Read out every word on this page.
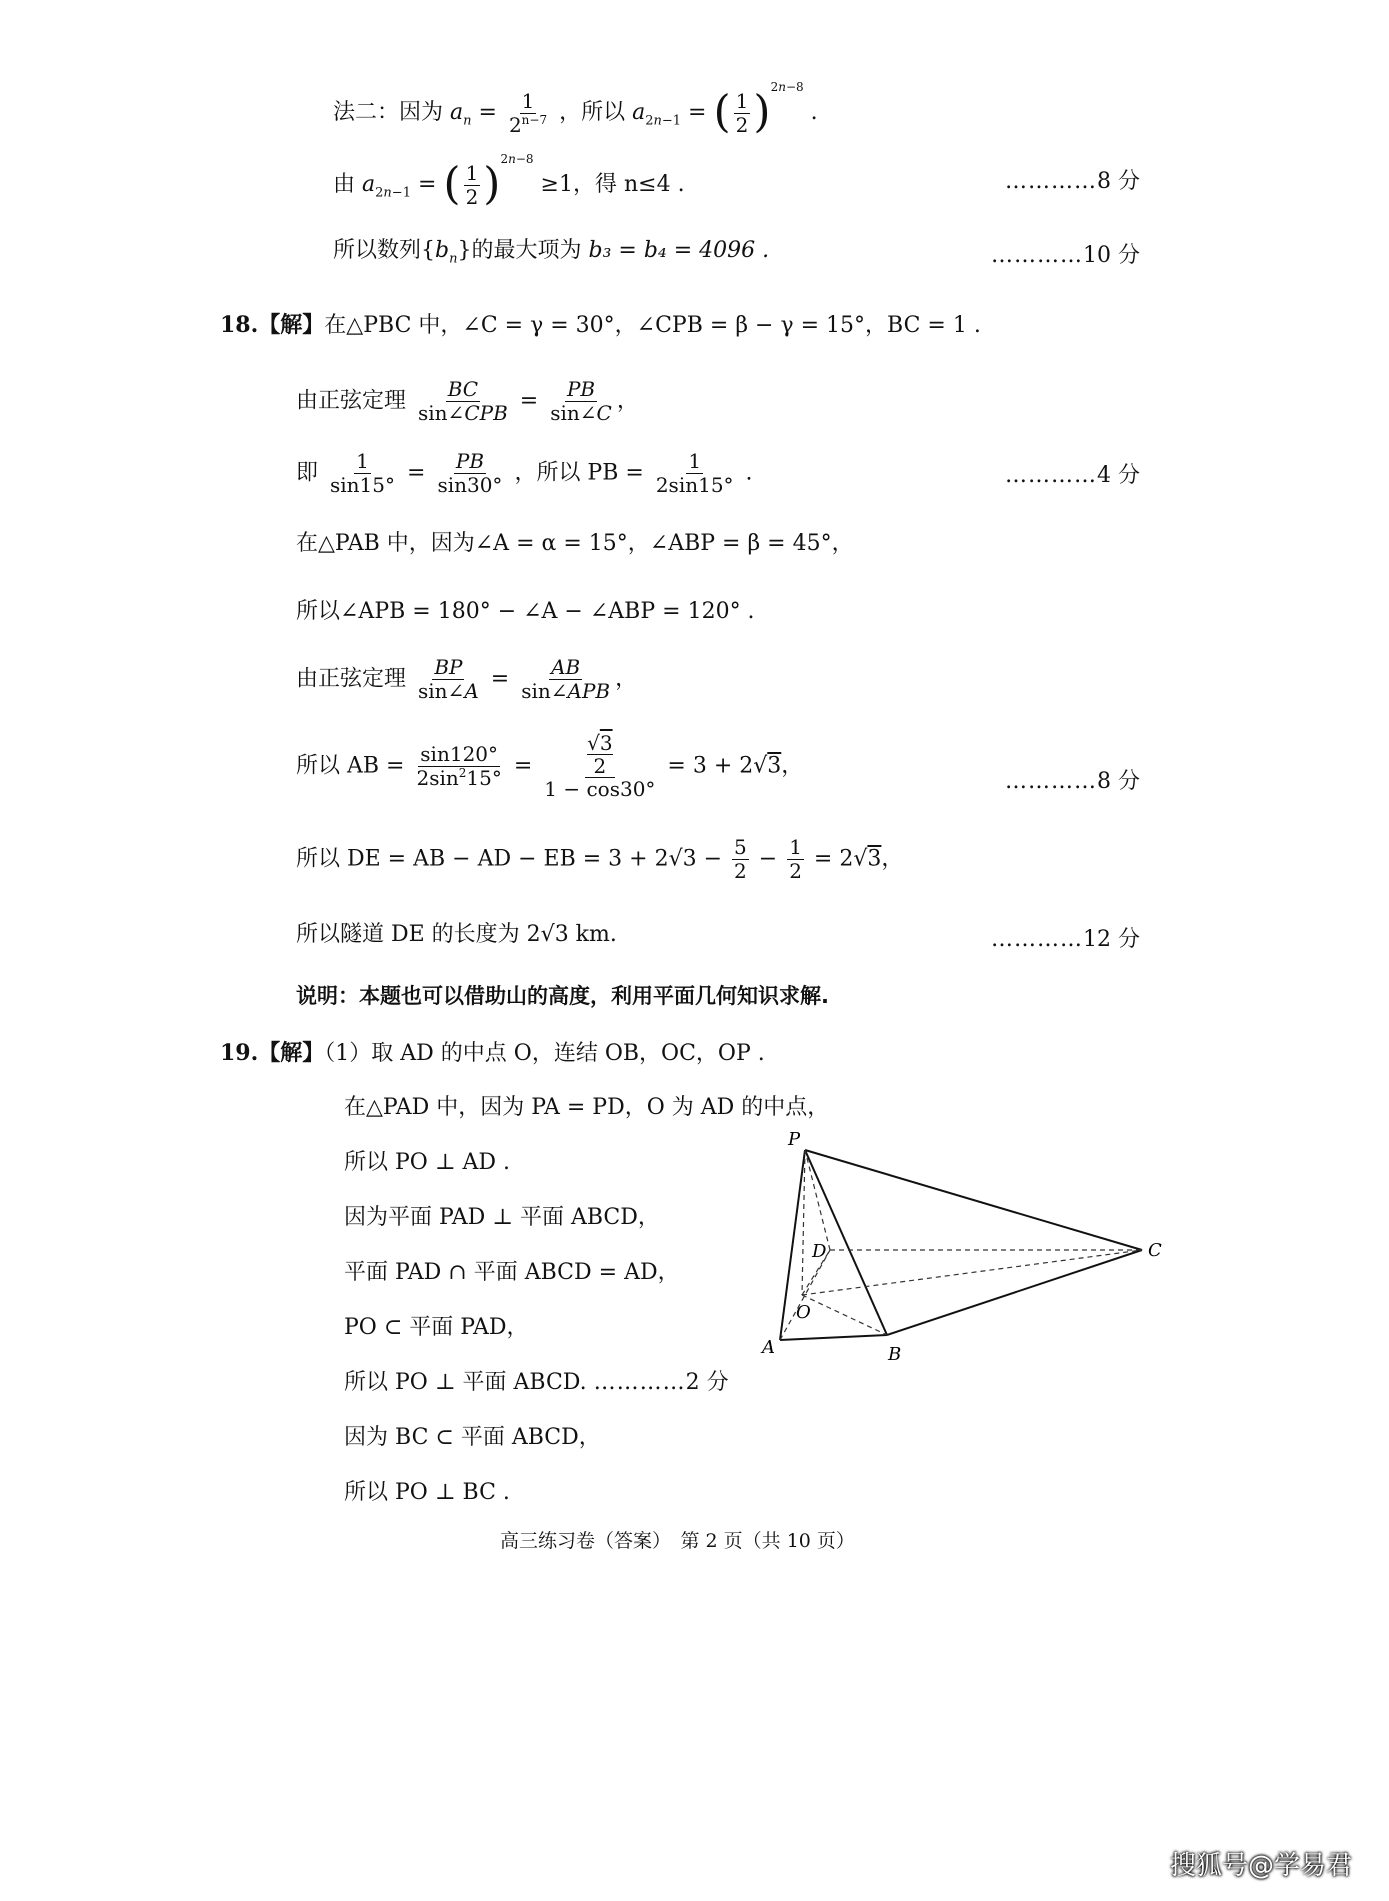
法二：因为 $a_n = \frac{1}{2^{n-7}}$ ，所以 $a_{2n-1}$ = ( $\frac{1}{2} )^{2n-8}$ .
由 $a_{2n-1}$ = ( $\frac{1}{2} )^{2n-8} \ge 1$，得 n≤4 .	…………8 分
所以数列$\{b_n\}$的最大项为 b₃ = b₄ = 4096 .	…………10 分
18.【解】在△PBC 中，∠C = γ = 30°，∠CPB = β − γ = 15°，BC = 1 .
由正弦定理 $\frac{BC}{\text{sin∠CPB}} = \frac{PB}{\sin\angle C}$ ，
即 $\frac{1}{\sin 15^\circ} = \frac{PB}{\sin 30^\circ}$ ，所以 PB = $\frac{1}{2\sin 15^\circ}$ .	…………4 分
在△PAB 中，因为∠A = α = 15°，∠ABP = β = 45°，
所以∠APB = 180° − ∠A − ∠ABP = 120° .
由正弦定理 $\frac{BP}{\sin\angle A} = \frac{AB}{\text{sin∠APB}}$ ，
所以 AB = $\frac{\sin 120^\circ}{2\sin^215^\circ} = \frac{\frac{√3}{2}}{1 - \cos 30^\circ} = 3 + 2√3$，
…………8 分
所以 DE = AB − AD − EB = $3 + 2√3 - \frac{5}{2} - \frac{1}{2} = 2√3$，
所以隧道 DE 的长度为 2√3 km.	…………12 分
说明：本题也可以借助山的高度，利用平面几何知识求解.
19.【解】（1）取 AD 的中点 O，连结 OB，OC，OP .
在△PAD 中，因为 PA = PD，O 为 AD 的中点，
所以 PO ⊥ AD .
因为平面 PAD ⊥ 平面 ABCD，
平面 PAD ∩ 平面 ABCD = AD，
PO ⊂ 平面 PAD，
所以 PO ⊥ 平面 ABCD. …………2 分
因为 BC ⊂ 平面 ABCD，
所以 PO ⊥ BC .
P
D	C
O
A	B
高三练习卷（答案）　第 2 页（共 10 页）
搜狐号@学易君
